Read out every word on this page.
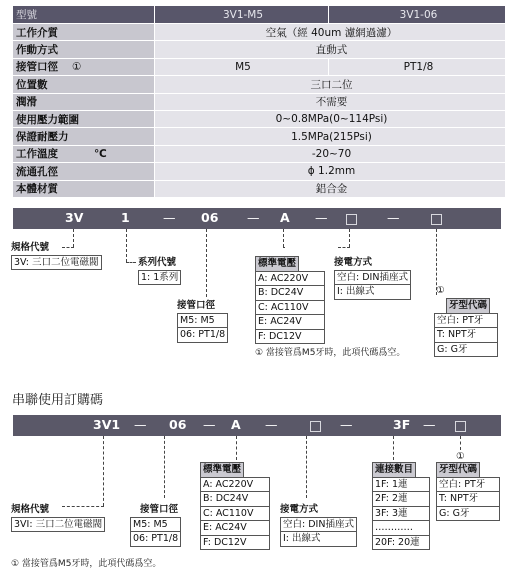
型號	3V1-M5	3V1-06
工作介質	空氣（經 40um 濾網過濾）	
作動方式	直動式	
接管口徑 ①	M5	PT1/8
位置數	三口二位	
潤滑	不需要	
使用壓力範圍	0~0.8MPa(0~114Psi)	
保證耐壓力	1.5MPa(215Psi)	
工作溫度 ℃	-20~70	
流通孔徑	ϕ 1.2mm	
本體材質	鋁合金	
3V	1	— 06 — A —	—
規格代號
3V: 三口二位電磁閥	系列代號
1: 1系列
接管口徑
M5: M5
06: PT1/8
標準電壓
A: AC220V
B: DC24V
C: AC110V
E: AC24V
F: DC12V
接電方式
空白: DIN插座式
I: 出線式	①
牙型代碼
空白: PT牙
T: NPT牙
G: G牙
① 當接管爲M5牙時，此項代碼爲空。
串聯使用訂購碼
3V1 — 06 — A —	—	3F —
規格代號
3VI: 三口二位電磁閥
接管口徑
M5: M5
06: PT1/8
標準電壓
A: AC220V
B: DC24V
C: AC110V
E: AC24V
F: DC12V
接電方式
空白: DIN插座式
I: 出線式
連接數目
1F: 1連
2F: 2連
3F: 3連
…………
20F: 20連
①
牙型代碼
空白: PT牙
T: NPT牙
G: G牙
① 當接管爲M5牙時，此項代碼爲空。
